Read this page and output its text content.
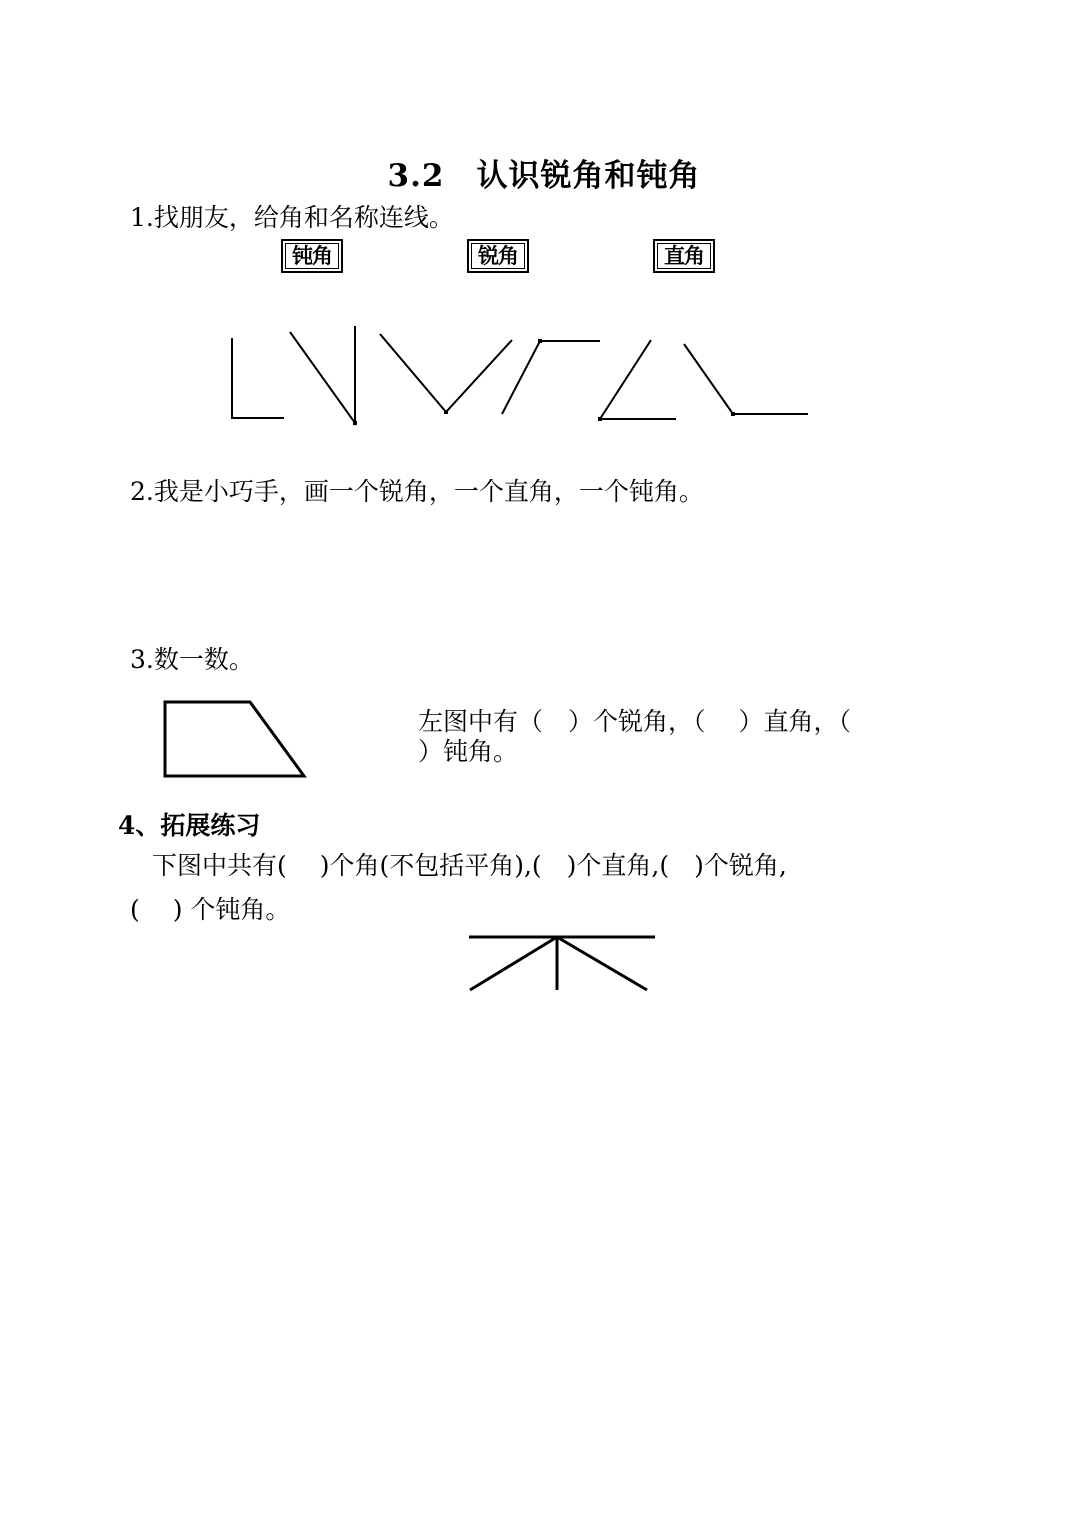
3.2　认识锐角和钝角
1.找朋友，给角和名称连线。
钝角	锐角	直角
2.我是小巧手，画一个锐角，一个直角，一个钝角。
3.数一数。
左图中有（　）个锐角，（　 ）直角，（
）钝角。
4、拓展练习
下图中共有(　 )个角(不包括平角),(　)个直角,(　)个锐角,
(　 ) 个钝角。
